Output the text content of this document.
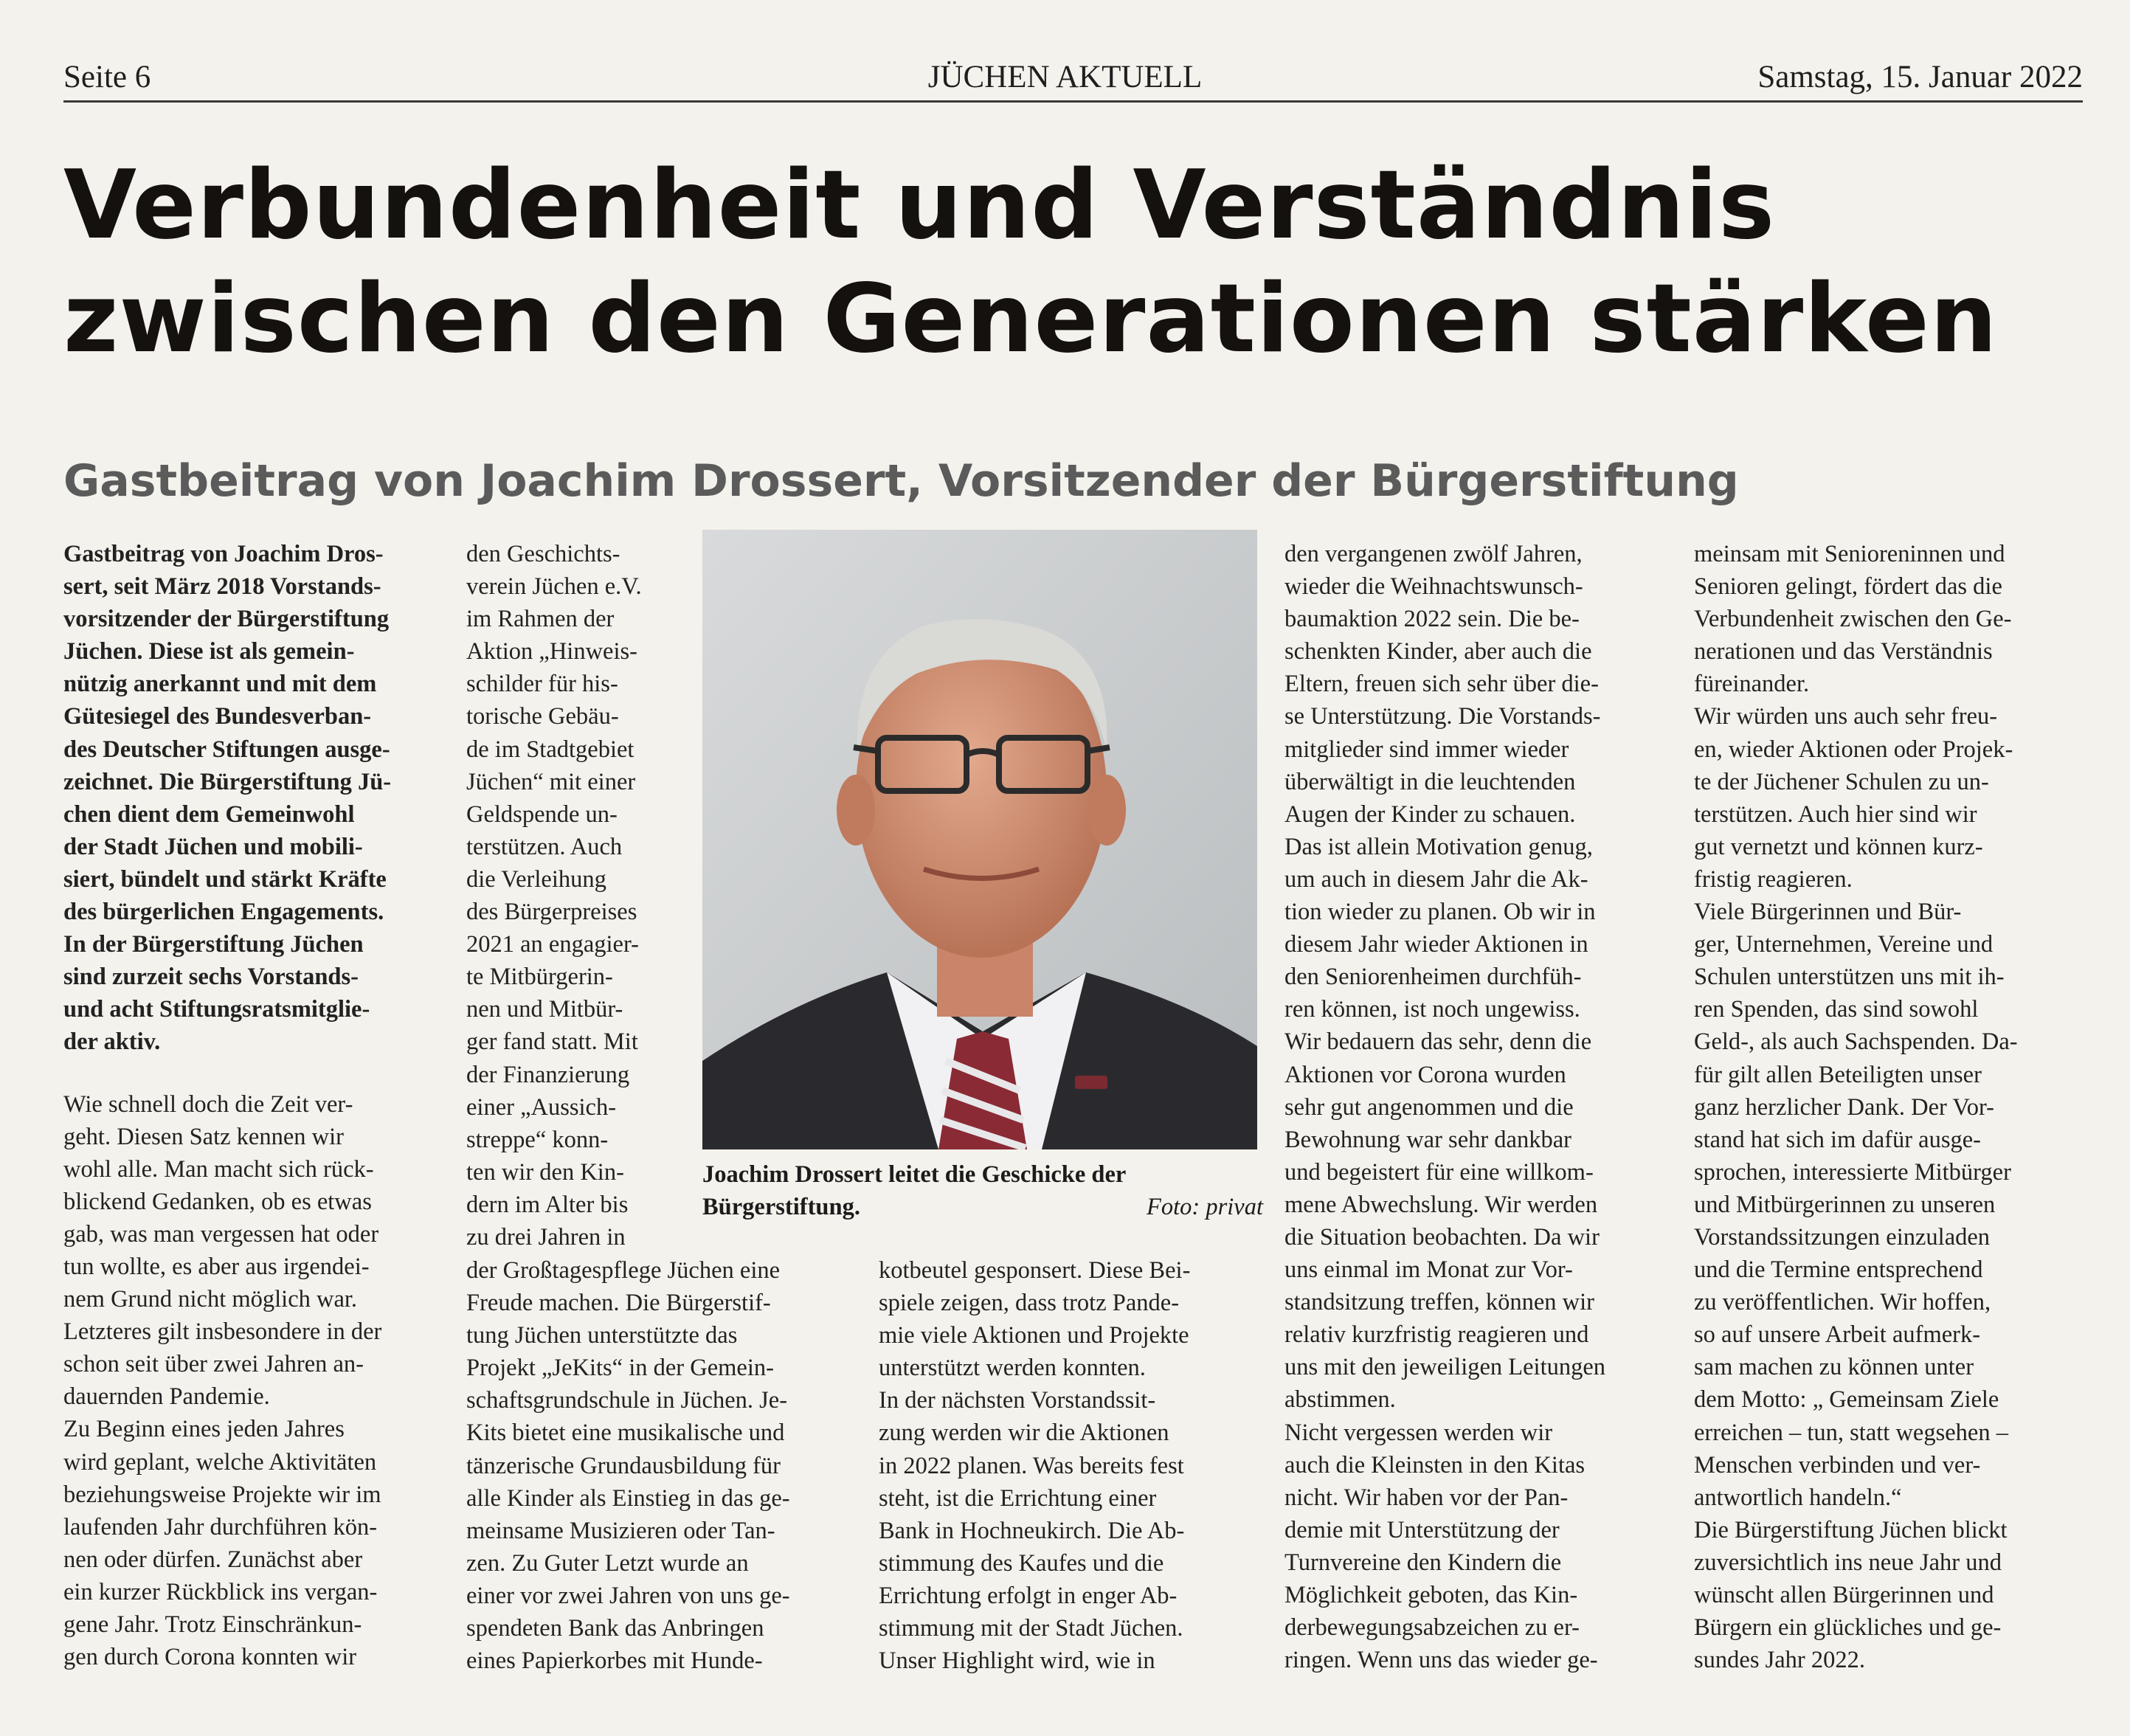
Seite 6	JÜCHEN AKTUELL	Samstag, 15. Januar 2022
Verbundenheit und Verständnis
zwischen den Generationen stärken
Gastbeitrag von Joachim Drossert, Vorsitzender der Bürgerstiftung
Gastbeitrag von Joachim Dros-
sert, seit März 2018 Vorstands-
vorsitzender der Bürgerstiftung
Jüchen. Diese ist als gemein-
nützig anerkannt und mit dem
Gütesiegel des Bundesverban-
des Deutscher Stiftungen ausge-
zeichnet. Die Bürgerstiftung Jü-
chen dient dem Gemeinwohl
der Stadt Jüchen und mobili-
siert, bündelt und stärkt Kräfte
des bürgerlichen Engagements.
In der Bürgerstiftung Jüchen
sind zurzeit sechs Vorstands-
und acht Stiftungsratsmitglie-
der aktiv.
Wie schnell doch die Zeit ver-
geht. Diesen Satz kennen wir
wohl alle. Man macht sich rück-
blickend Gedanken, ob es etwas
gab, was man vergessen hat oder
tun wollte, es aber aus irgendei-
nem Grund nicht möglich war.
Letzteres gilt insbesondere in der
schon seit über zwei Jahren an-
dauernden Pandemie.
Zu Beginn eines jeden Jahres
wird geplant, welche Aktivitäten
beziehungsweise Projekte wir im
laufenden Jahr durchführen kön-
nen oder dürfen. Zunächst aber
ein kurzer Rückblick ins vergan-
gene Jahr. Trotz Einschränkun-
gen durch Corona konnten wir
den Geschichts-
verein Jüchen e.V.
im Rahmen der
Aktion „Hinweis-
schilder für his-
torische Gebäu-
de im Stadtgebiet
Jüchen“ mit einer
Geldspende un-
terstützen. Auch
die Verleihung
des Bürgerpreises
2021 an engagier-
te Mitbürgerin-
nen und Mitbür-
ger fand statt. Mit
der Finanzierung
einer „Aussich-
streppe“ konn-
ten wir den Kin-
dern im Alter bis
zu drei Jahren in
der Großtagespflege Jüchen eine
Freude machen. Die Bürgerstif-
tung Jüchen unterstützte das
Projekt „JeKits“ in der Gemein-
schaftsgrundschule in Jüchen. Je-
Kits bietet eine musikalische und
tänzerische Grundausbildung für
alle Kinder als Einstieg in das ge-
meinsame Musizieren oder Tan-
zen. Zu Guter Letzt wurde an
einer vor zwei Jahren von uns ge-
spendeten Bank das Anbringen
eines Papierkorbes mit Hunde-
Joachim Drossert leitet die Geschicke der
Bürgerstiftung.	Foto: privat
kotbeutel gesponsert. Diese Bei-
spiele zeigen, dass trotz Pande-
mie viele Aktionen und Projekte
unterstützt werden konnten.
In der nächsten Vorstandssit-
zung werden wir die Aktionen
in 2022 planen. Was bereits fest
steht, ist die Errichtung einer
Bank in Hochneukirch. Die Ab-
stimmung des Kaufes und die
Errichtung erfolgt in enger Ab-
stimmung mit der Stadt Jüchen.
Unser Highlight wird, wie in
den vergangenen zwölf Jahren,
wieder die Weihnachtswunsch-
baumaktion 2022 sein. Die be-
schenkten Kinder, aber auch die
Eltern, freuen sich sehr über die-
se Unterstützung. Die Vorstands-
mitglieder sind immer wieder
überwältigt in die leuchtenden
Augen der Kinder zu schauen.
Das ist allein Motivation genug,
um auch in diesem Jahr die Ak-
tion wieder zu planen. Ob wir in
diesem Jahr wieder Aktionen in
den Seniorenheimen durchfüh-
ren können, ist noch ungewiss.
Wir bedauern das sehr, denn die
Aktionen vor Corona wurden
sehr gut angenommen und die
Bewohnung war sehr dankbar
und begeistert für eine willkom-
mene Abwechslung. Wir werden
die Situation beobachten. Da wir
uns einmal im Monat zur Vor-
standsitzung treffen, können wir
relativ kurzfristig reagieren und
uns mit den jeweiligen Leitungen
abstimmen.
Nicht vergessen werden wir
auch die Kleinsten in den Kitas
nicht. Wir haben vor der Pan-
demie mit Unterstützung der
Turnvereine den Kindern die
Möglichkeit geboten, das Kin-
derbewegungsabzeichen zu er-
ringen. Wenn uns das wieder ge-
meinsam mit Senioreninnen und
Senioren gelingt, fördert das die
Verbundenheit zwischen den Ge-
nerationen und das Verständnis
füreinander.
Wir würden uns auch sehr freu-
en, wieder Aktionen oder Projek-
te der Jüchener Schulen zu un-
terstützen. Auch hier sind wir
gut vernetzt und können kurz-
fristig reagieren.
Viele Bürgerinnen und Bür-
ger, Unternehmen, Vereine und
Schulen unterstützen uns mit ih-
ren Spenden, das sind sowohl
Geld-, als auch Sachspenden. Da-
für gilt allen Beteiligten unser
ganz herzlicher Dank. Der Vor-
stand hat sich im dafür ausge-
sprochen, interessierte Mitbürger
und Mitbürgerinnen zu unseren
Vorstandssitzungen einzuladen
und die Termine entsprechend
zu veröffentlichen. Wir hoffen,
so auf unsere Arbeit aufmerk-
sam machen zu können unter
dem Motto: „ Gemeinsam Ziele
erreichen – tun, statt wegsehen –
Menschen verbinden und ver-
antwortlich handeln.“
Die Bürgerstiftung Jüchen blickt
zuversichtlich ins neue Jahr und
wünscht allen Bürgerinnen und
Bürgern ein glückliches und ge-
sundes Jahr 2022.
